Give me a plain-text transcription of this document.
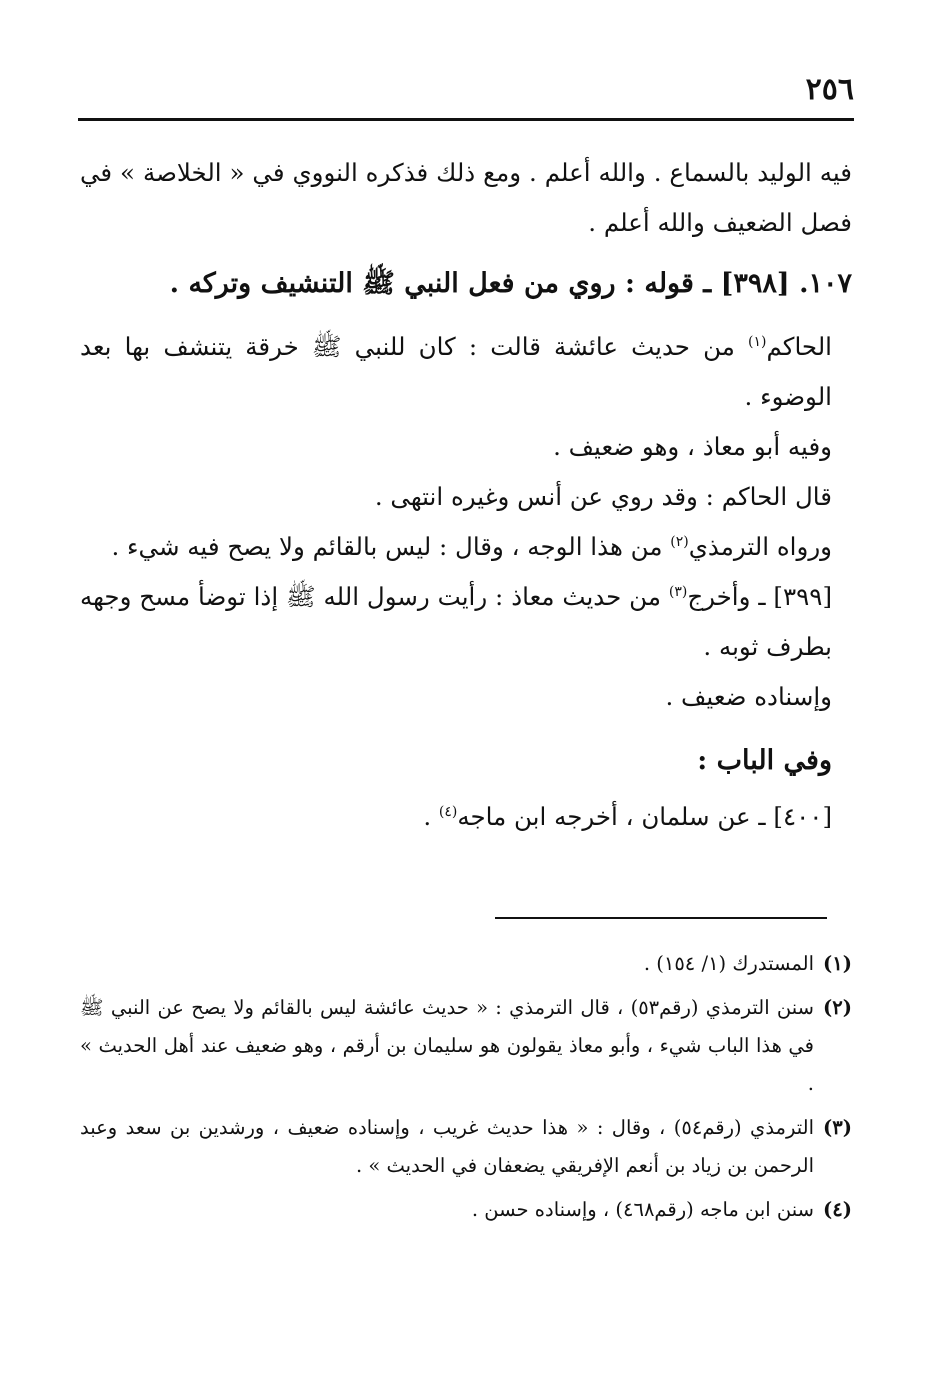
٢٥٦

فيه الوليد بالسماع . والله أعلم . ومع ذلك فذكره النووي في « الخلاصة » في فصل الضعيف والله أعلم .

١٠٧. [٣٩٨] ـ قوله : روي من فعل النبي ﷺ التنشيف وتركه .

الحاكم$^{(١)}$ من حديث عائشة قالت : كان للنبي ﷺ خرقة يتنشف بها بعد الوضوء .

وفيه أبو معاذ ، وهو ضعيف .

قال الحاكم : وقد روي عن أنس وغيره انتهى .

ورواه الترمذي$^{(٢)}$ من هذا الوجه ، وقال : ليس بالقائم ولا يصح فيه شيء .

[٣٩٩] ـ وأخرج$^{(٣)}$ من حديث معاذ : رأيت رسول الله ﷺ إذا توضأ مسح وجهه بطرف ثوبه .

وإسناده ضعيف .

وفي الباب :

[٤٠٠] ـ عن سلمان ، أخرجه ابن ماجه$^{(٤)}$ .

(١)
المستدرك (١/ ١٥٤) .
(٢)
سنن الترمذي (رقم٥٣) ، قال الترمذي : « حديث عائشة ليس بالقائم ولا يصح عن النبي ﷺ في هذا الباب شيء ، وأبو معاذ يقولون هو سليمان بن أرقم ، وهو ضعيف عند أهل الحديث » .
(٣)
الترمذي (رقم٥٤) ، وقال : « هذا حديث غريب ، وإسناده ضعيف ، ورشدين بن سعد وعبد الرحمن بن زياد بن أنعم الإفريقي يضعفان في الحديث » .
(٤)
سنن ابن ماجه (رقم٤٦٨) ، وإسناده حسن .
